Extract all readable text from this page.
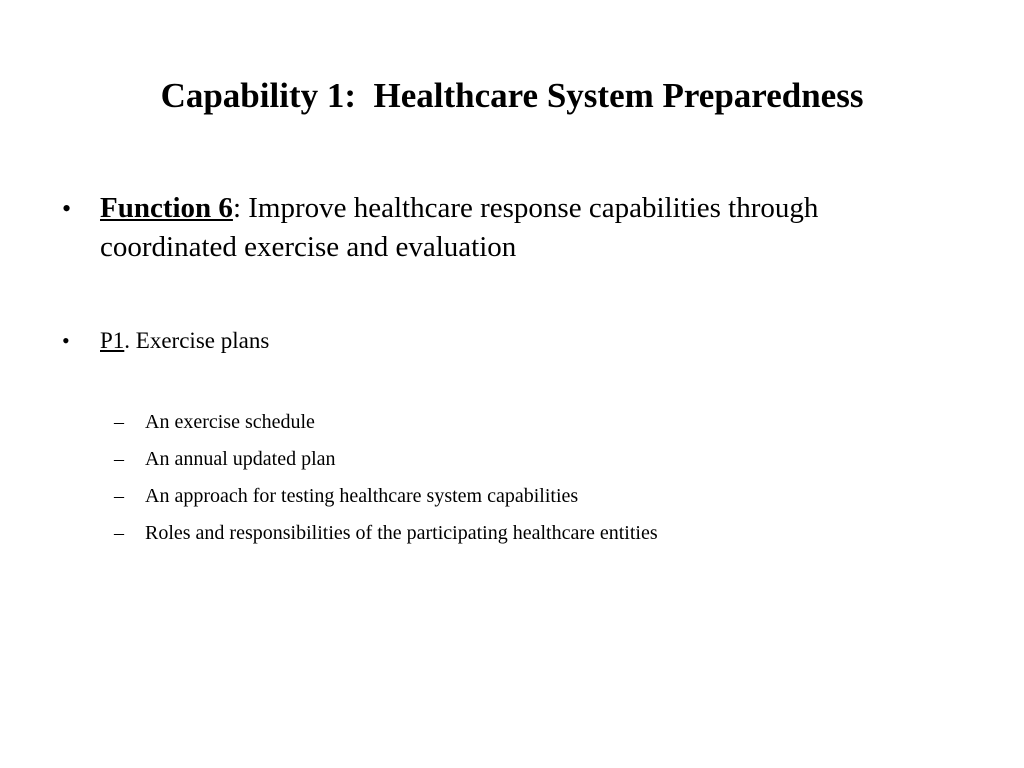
Capability 1:  Healthcare System Preparedness
• Function 6: Improve healthcare response capabilities through coordinated exercise and evaluation
•	P1. Exercise plans
–	An exercise schedule
–	An annual updated plan
–	An approach for testing healthcare system capabilities
–	Roles and responsibilities of the participating healthcare entities
